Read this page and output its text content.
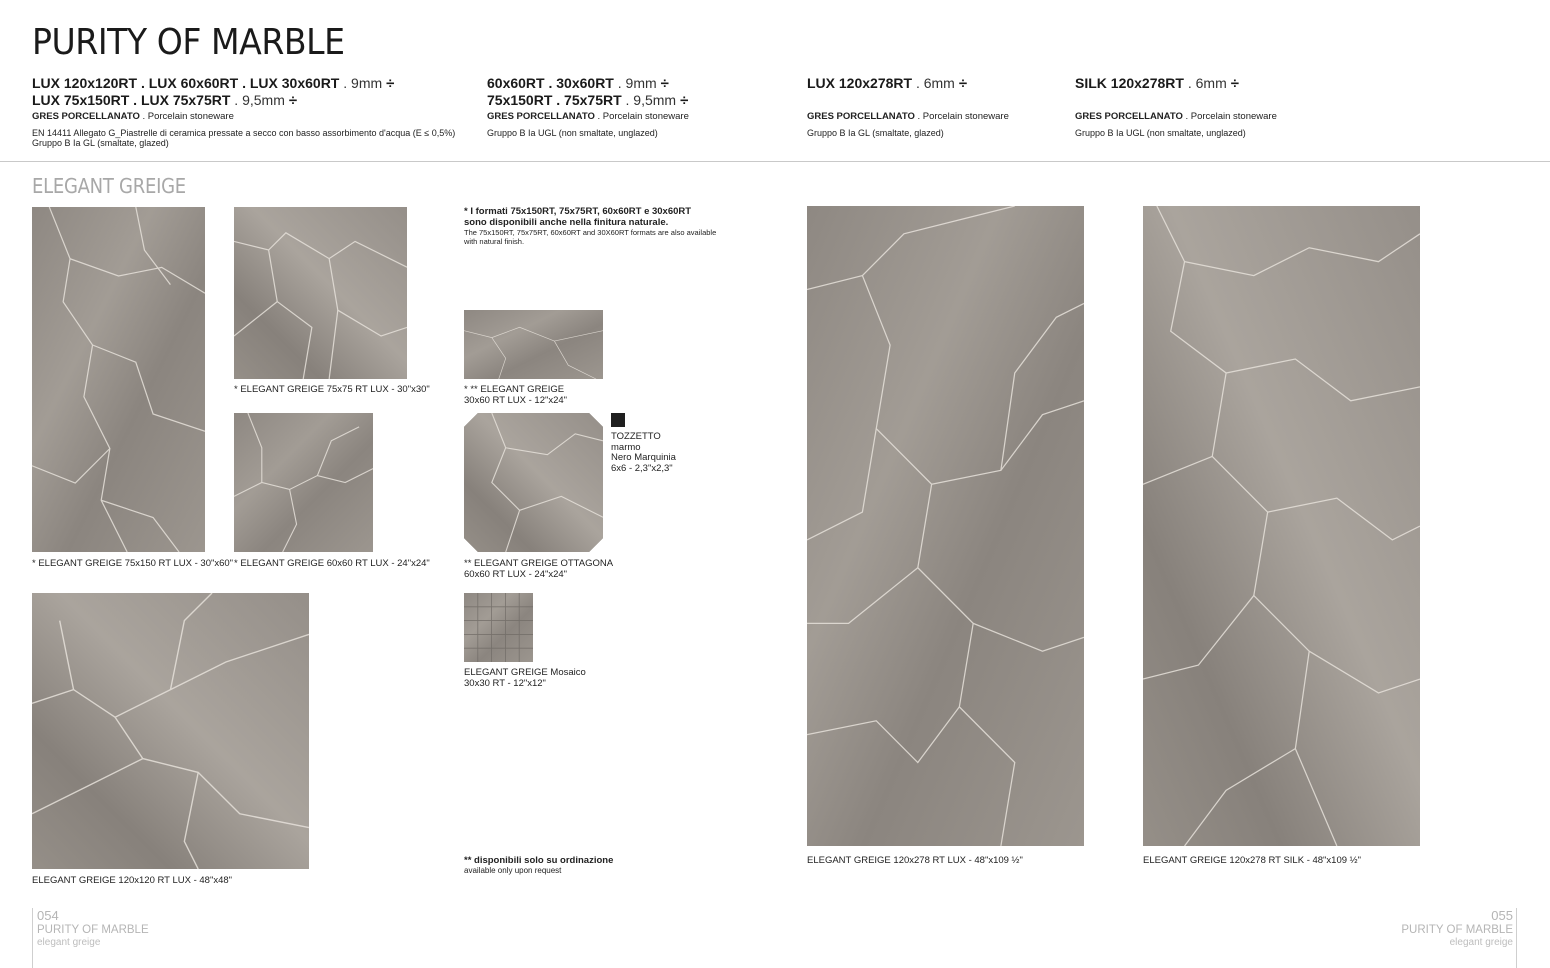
PURITY OF MARBLE
LUX 120x120RT . LUX 60x60RT . LUX 30x60RT . 9mm ÷
LUX 75x150RT . LUX 75x75RT . 9,5mm ÷
GRES PORCELLANATO . Porcelain stoneware
EN 14411 Allegato G_Piastrelle di ceramica pressate a secco con basso assorbimento d'acqua (E ≤ 0,5%)
Gruppo B Ia GL (smaltate, glazed)
60x60RT . 30x60RT . 9mm ÷
75x150RT . 75x75RT . 9,5mm ÷
GRES PORCELLANATO . Porcelain stoneware
Gruppo B Ia UGL (non smaltate, unglazed)
LUX 120x278RT . 6mm ÷
GRES PORCELLANATO . Porcelain stoneware
Gruppo B Ia GL (smaltate, glazed)
SILK 120x278RT . 6mm ÷
GRES PORCELLANATO . Porcelain stoneware
Gruppo B Ia UGL (non smaltate, unglazed)
ELEGANT GREIGE
* ELEGANT GREIGE 75x150 RT LUX - 30"x60"
* ELEGANT GREIGE 75x75 RT LUX - 30"x30"
* ELEGANT GREIGE 60x60 RT LUX - 24"x24"
ELEGANT GREIGE 120x120 RT LUX - 48"x48"
* I formati 75x150RT, 75x75RT, 60x60RT e 30x60RT
sono disponibili anche nella finitura naturale.
The 75x150RT, 75x75RT, 60x60RT and 30X60RT formats are also available
with natural finish.
* ** ELEGANT GREIGE
30x60 RT LUX - 12"x24"
** ELEGANT GREIGE OTTAGONA
60x60 RT LUX - 24"x24"
TOZZETTO
marmo
Nero Marquinia
6x6 - 2,3"x2,3"
ELEGANT GREIGE Mosaico
30x30 RT - 12"x12"
** disponibili solo su ordinazione
available only upon request
ELEGANT GREIGE 120x278 RT LUX - 48"x109 ½"	ELEGANT GREIGE 120x278 RT SILK - 48"x109 ½"
054
PURITY OF MARBLE
elegant greige
055
PURITY OF MARBLE
elegant greige
